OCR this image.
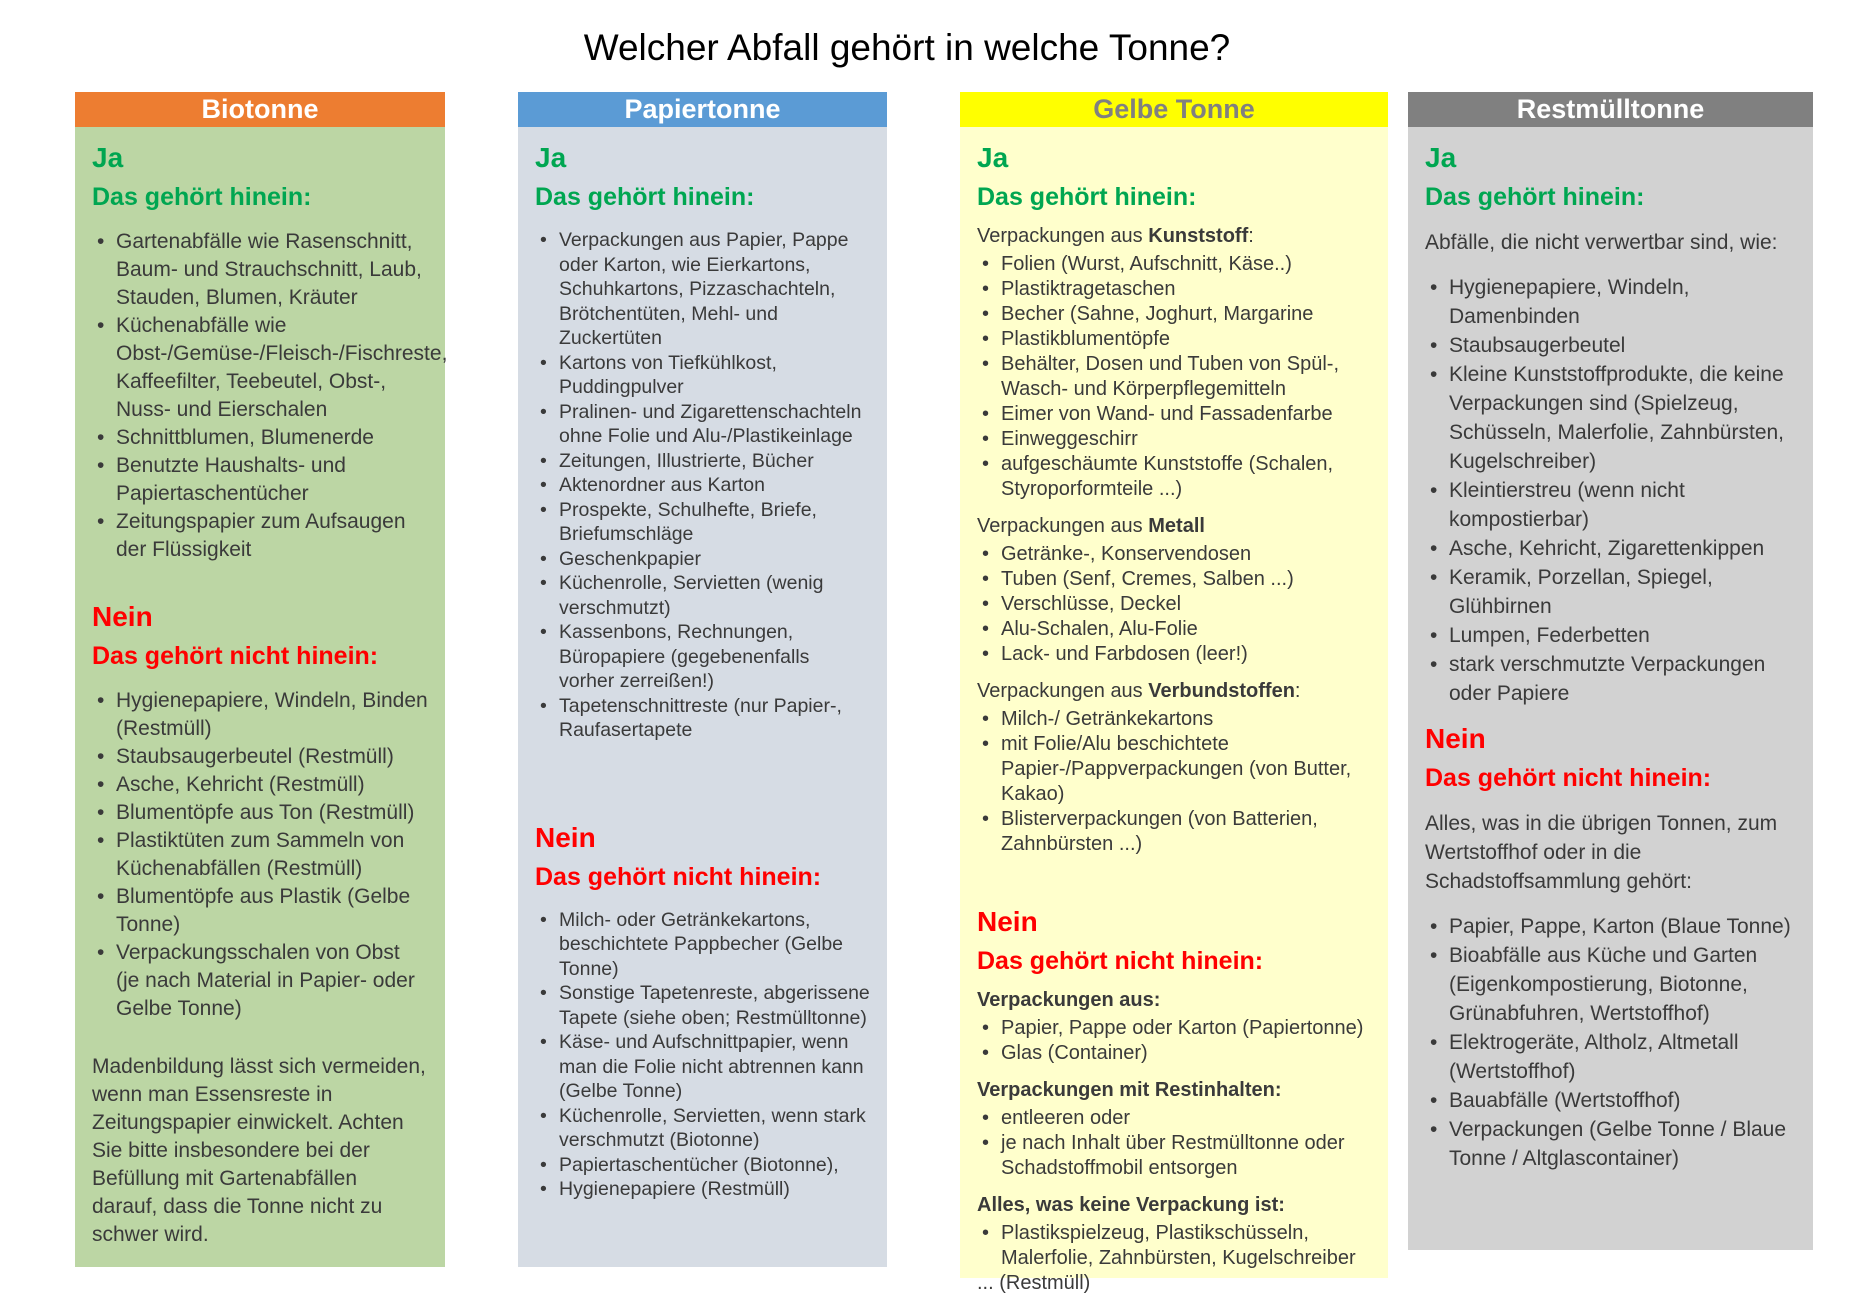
Welcher Abfall gehört in welche Tonne?
Biotonne
Ja
Das gehört hinein:
• Gartenabfälle wie Rasenschnitt, Baum- und Strauchschnitt, Laub, Stauden, Blumen, Kräuter
• Küchenabfälle wie Obst-/Gemüse-/Fleisch-/Fischreste, Kaffeefilter, Teebeutel, Obst-, Nuss- und Eierschalen
• Schnittblumen, Blumenerde
• Benutzte Haushalts- und Papiertaschentücher
• Zeitungspapier zum Aufsaugen der Flüssigkeit
Nein
Das gehört nicht hinein:
• Hygienepapiere, Windeln, Binden (Restmüll)
• Staubsaugerbeutel (Restmüll)
• Asche, Kehricht (Restmüll)
• Blumentöpfe aus Ton (Restmüll)
• Plastiktüten zum Sammeln von Küchenabfällen (Restmüll)
• Blumentöpfe aus Plastik (Gelbe Tonne)
• Verpackungsschalen von Obst (je nach Material in Papier- oder Gelbe Tonne)
Madenbildung lässt sich vermeiden, wenn man Essensreste in Zeitungspapier einwickelt. Achten Sie bitte insbesondere bei der Befüllung mit Gartenabfällen darauf, dass die Tonne nicht zu schwer wird.
Papiertonne
Ja
Das gehört hinein:
• Verpackungen aus Papier, Pappe oder Karton, wie Eierkartons, Schuhkartons, Pizzaschachteln, Brötchentüten, Mehl- und Zuckertüten
• Kartons von Tiefkühlkost, Puddingpulver
• Pralinen- und Zigarettenschachteln ohne Folie und Alu-/Plastikeinlage
• Zeitungen, Illustrierte, Bücher
• Aktenordner aus Karton
• Prospekte, Schulhefte, Briefe, Briefumschläge
• Geschenkpapier
• Küchenrolle, Servietten (wenig verschmutzt)
• Kassenbons, Rechnungen, Büropapiere (gegebenenfalls vorher zerreißen!)
• Tapetenschnittreste (nur Papier-, Raufasertapete
Nein
Das gehört nicht hinein:
• Milch- oder Getränkekartons, beschichtete Pappbecher (Gelbe Tonne)
• Sonstige Tapetenreste, abgerissene Tapete (siehe oben; Restmülltonne)
• Käse- und Aufschnittpapier, wenn man die Folie nicht abtrennen kann (Gelbe Tonne)
• Küchenrolle, Servietten, wenn stark verschmutzt (Biotonne)
• Papiertaschentücher (Biotonne),
• Hygienepapiere (Restmüll)
Gelbe Tonne
Ja
Das gehört hinein:
Verpackungen aus Kunststoff:
• Folien (Wurst, Aufschnitt, Käse..)
• Plastiktragetaschen
• Becher (Sahne, Joghurt, Margarine
• Plastikblumentöpfe
• Behälter, Dosen und Tuben von Spül-, Wasch- und Körperpflegemitteln
• Eimer von Wand- und Fassadenfarbe
• Einweggeschirr
• aufgeschäumte Kunststoffe (Schalen, Styroporformteile ...)
Verpackungen aus Metall
• Getränke-, Konservendosen
• Tuben (Senf, Cremes, Salben ...)
• Verschlüsse, Deckel
• Alu-Schalen, Alu-Folie
• Lack- und Farbdosen (leer!)
Verpackungen aus Verbundstoffen:
• Milch-/ Getränkekartons
• mit Folie/Alu beschichtete Papier-/Pappverpackungen (von Butter, Kakao)
• Blisterverpackungen (von Batterien, Zahnbürsten ...)
Nein
Das gehört nicht hinein:
Verpackungen aus:
• Papier, Pappe oder Karton (Papiertonne)
• Glas (Container)
Verpackungen mit Restinhalten:
• entleeren oder
• je nach Inhalt über Restmülltonne oder Schadstoffmobil entsorgen
Alles, was keine Verpackung ist:
• Plastikspielzeug, Plastikschüsseln, Malerfolie, Zahnbürsten, Kugelschreiber
... (Restmüll)
Restmülltonne
Ja
Das gehört hinein:
Abfälle, die nicht verwertbar sind, wie:
• Hygienepapiere, Windeln, Damenbinden
• Staubsaugerbeutel
• Kleine Kunststoffprodukte, die keine Verpackungen sind (Spielzeug, Schüsseln, Malerfolie, Zahnbürsten, Kugelschreiber)
• Kleintierstreu (wenn nicht kompostierbar)
• Asche, Kehricht, Zigarettenkippen
• Keramik, Porzellan, Spiegel, Glühbirnen
• Lumpen, Federbetten
• stark verschmutzte Verpackungen oder Papiere
Nein
Das gehört nicht hinein:
Alles, was in die übrigen Tonnen, zum Wertstoffhof oder in die Schadstoffsammlung gehört:
• Papier, Pappe, Karton (Blaue Tonne)
• Bioabfälle aus Küche und Garten (Eigenkompostierung, Biotonne, Grünabfuhren, Wertstoffhof)
• Elektrogeräte, Altholz, Altmetall (Wertstoffhof)
• Bauabfälle (Wertstoffhof)
• Verpackungen (Gelbe Tonne / Blaue Tonne / Altglascontainer)
